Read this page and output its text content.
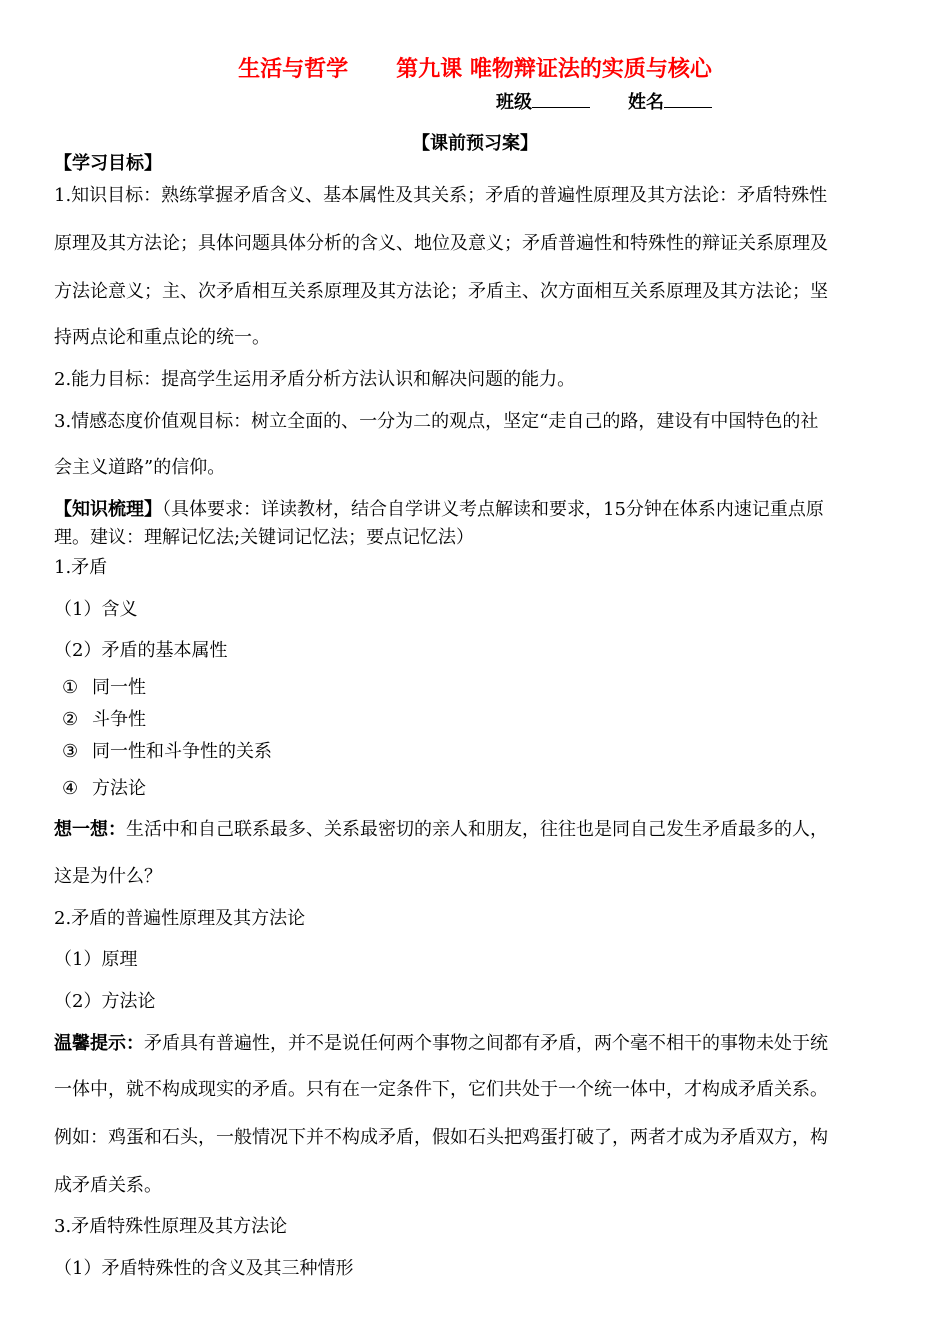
生活与哲学 第九课 唯物辩证法的实质与核心
班级	姓名
【课前预习案】
【学习目标】
1.知识目标：熟练掌握矛盾含义、基本属性及其关系；矛盾的普遍性原理及其方法论：矛盾特殊性
原理及其方法论；具体问题具体分析的含义、地位及意义；矛盾普遍性和特殊性的辩证关系原理及
方法论意义；主、次矛盾相互关系原理及其方法论；矛盾主、次方面相互关系原理及其方法论；坚
持两点论和重点论的统一。
2.能力目标：提高学生运用矛盾分析方法认识和解决问题的能力。
3.情感态度价值观目标：树立全面的、一分为二的观点，坚定“走自己的路，建设有中国特色的社
会主义道路”的信仰。
【知识梳理】（具体要求：详读教材，结合自学讲义考点解读和要求，15分钟在体系内速记重点原
理。建议：理解记忆法;关键词记忆法；要点记忆法）
1.矛盾
（1）含义
（2）矛盾的基本属性
① 同一性
② 斗争性
③ 同一性和斗争性的关系
④ 方法论
想一想：生活中和自己联系最多、关系最密切的亲人和朋友，往往也是同自己发生矛盾最多的人，
这是为什么？
2.矛盾的普遍性原理及其方法论
（1）原理
（2）方法论
温馨提示：矛盾具有普遍性，并不是说任何两个事物之间都有矛盾，两个毫不相干的事物未处于统
一体中，就不构成现实的矛盾。只有在一定条件下，它们共处于一个统一体中，才构成矛盾关系。
例如：鸡蛋和石头，一般情况下并不构成矛盾，假如石头把鸡蛋打破了，两者才成为矛盾双方，构
成矛盾关系。
3.矛盾特殊性原理及其方法论
（1）矛盾特殊性的含义及其三种情形
